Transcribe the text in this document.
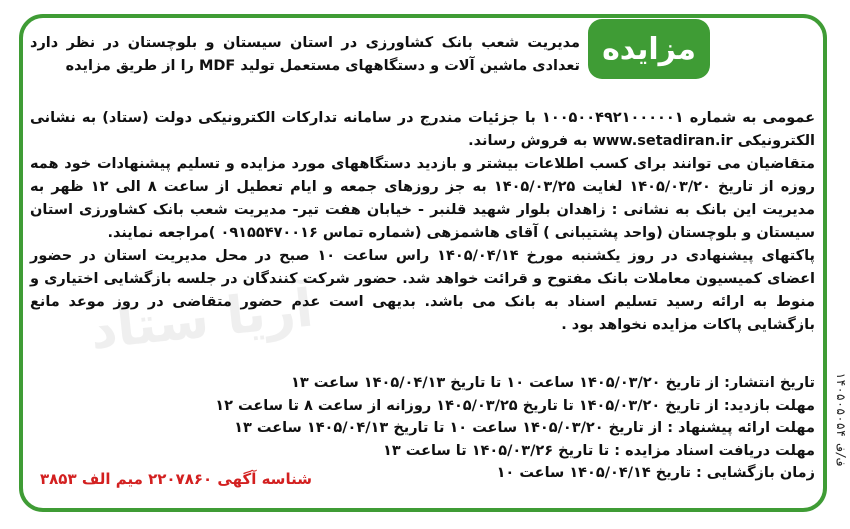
مزایده
مدیریت شعب بانک کشاورزی در استان سیستان و بلوچستان در نظر دارد تعدادی ماشین آلات و دستگاههای مستعمل تولید MDF را از طریق مزایده

عمومی به شماره ۱۰۰۵۰۰۴۹۲۱۰۰۰۰۰۱ با جزئیات مندرج در سامانه تدارکات الکترونیکی دولت (ستاد) به نشانی الکترونیکی www.setadiran.ir به فروش رساند.

متقاضیان می توانند برای کسب اطلاعات بیشتر و بازدید دستگاههای مورد مزایده و تسلیم پیشنهادات خود همه روزه از تاریخ ۱۴۰۵/۰۳/۲۰ لغایت ۱۴۰۵/۰۳/۲۵ به جز روزهای جمعه و ایام تعطیل از ساعت ۸ الی ۱۲ ظهر به مدیریت این بانک به نشانی : زاهدان بلوار شهید قلنبر - خیابان هفت تیر- مدیریت شعب بانک کشاورزی استان سیستان و بلوچستان (واحد پشتیبانی ) آقای هاشمزهی (شماره تماس ۰۹۱۵۵۴۷۰۰۱۶ )مراجعه نمایند.

پاکتهای پیشنهادی در روز یکشنبه مورخ ۱۴۰۵/۰۴/۱۴ راس ساعت ۱۰ صبح در محل مدیریت استان در حضور اعضای کمیسیون معاملات بانک مفتوح و قرائت خواهد شد. حضور شرکت کنندگان در جلسه بازگشایی اختیاری و منوط به ارائه رسید تسلیم اسناد به بانک می باشد. بدیهی است عدم حضور متقاضی در روز موعد مانع بازگشایی پاکات مزایده نخواهد بود .

تاریخ انتشار: از تاریخ ۱۴۰۵/۰۳/۲۰ ساعت ۱۰ تا تاریخ ۱۴۰۵/۰۴/۱۳ ساعت ۱۳
مهلت بازدید: از تاریخ ۱۴۰۵/۰۳/۲۰ تا تاریخ ۱۴۰۵/۰۳/۲۵ روزانه از ساعت ۸ تا ساعت ۱۲
مهلت ارائه پیشنهاد : از تاریخ ۱۴۰۵/۰۳/۲۰ ساعت ۱۰ تا تاریخ ۱۴۰۵/۰۴/۱۳ ساعت ۱۳
مهلت دریافت اسناد مزایده : تا تاریخ ۱۴۰۵/۰۳/۲۶ تا ساعت ۱۳
زمان بازگشایی : تاریخ ۱۴۰۵/۰۴/۱۴ ساعت ۱۰
شناسه آگهی ۲۲۰۷۸۶۰ میم الف ۳۸۵۳
۱۴۰۵۰۵۰۵۴ ف/ف
آریا ستاد
